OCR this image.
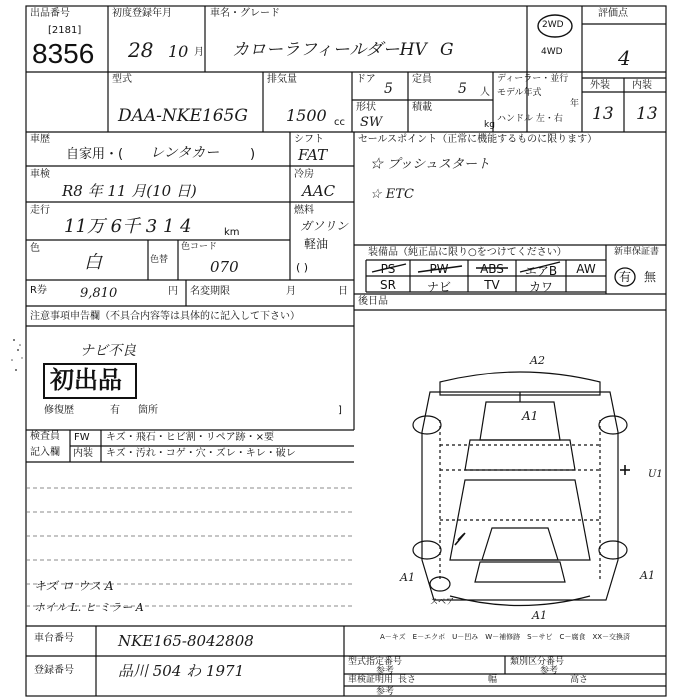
出品番号
[2181]
8356
初度登録年月
28 10 月
車名・グレード
カローラフィールダーHV G
2WD
4WD
評価点
4
外装 内装
13 13
型式
DAA-NKE165G
排気量
1500 cc
ドア
5
定員
5 人
ディーラー・並行
モデル年式
年
形状
SW
積載
kg
ハンドル 左・右
車歴
自家用・( レンタカー )
シフト
FAT
車検
R8 年 11 月(10 日)
冷房
AAC
走行
11万 6千 3 1 4	km
燃料
ガソリン
軽油
( )
色
白	色替
色コード
070
R券	9,810	円 名変期限	月	日
セールスポイント（正常に機能するものに限ります）
☆ プッシュスタート
☆ ETC
装備品（純正品に限り○をつけてください）
PS	PW	ABS	エアB	AW
SR	ナビ	TV	カワ
新車保証書
有 無
後日品
注意事項申告欄（不具合内容等は具体的に記入して下さい）
ナビ不良
初出品
修復歴	有 箇所	]
検査員
記入欄
FW キズ・飛石・ヒビ割・リペア跡・×要
内装 キズ・汚れ・コゲ・穴・ズレ・キレ・破レ
キズ ロ ウス A
ホイル L. ヒ ミラー A
A2
A1
U1
A1	A1
A1
スペア
A－キズ　E－エクボ　U－凹み　W－補修跡　S－サビ　C－腐食　XX－交換済
車台番号	NKE165-8042808
登録番号	品川 504 わ 1971	型式指定番号
参考
類別区分番号
参考
車検証明用
参考
長さ	幅	高さ
